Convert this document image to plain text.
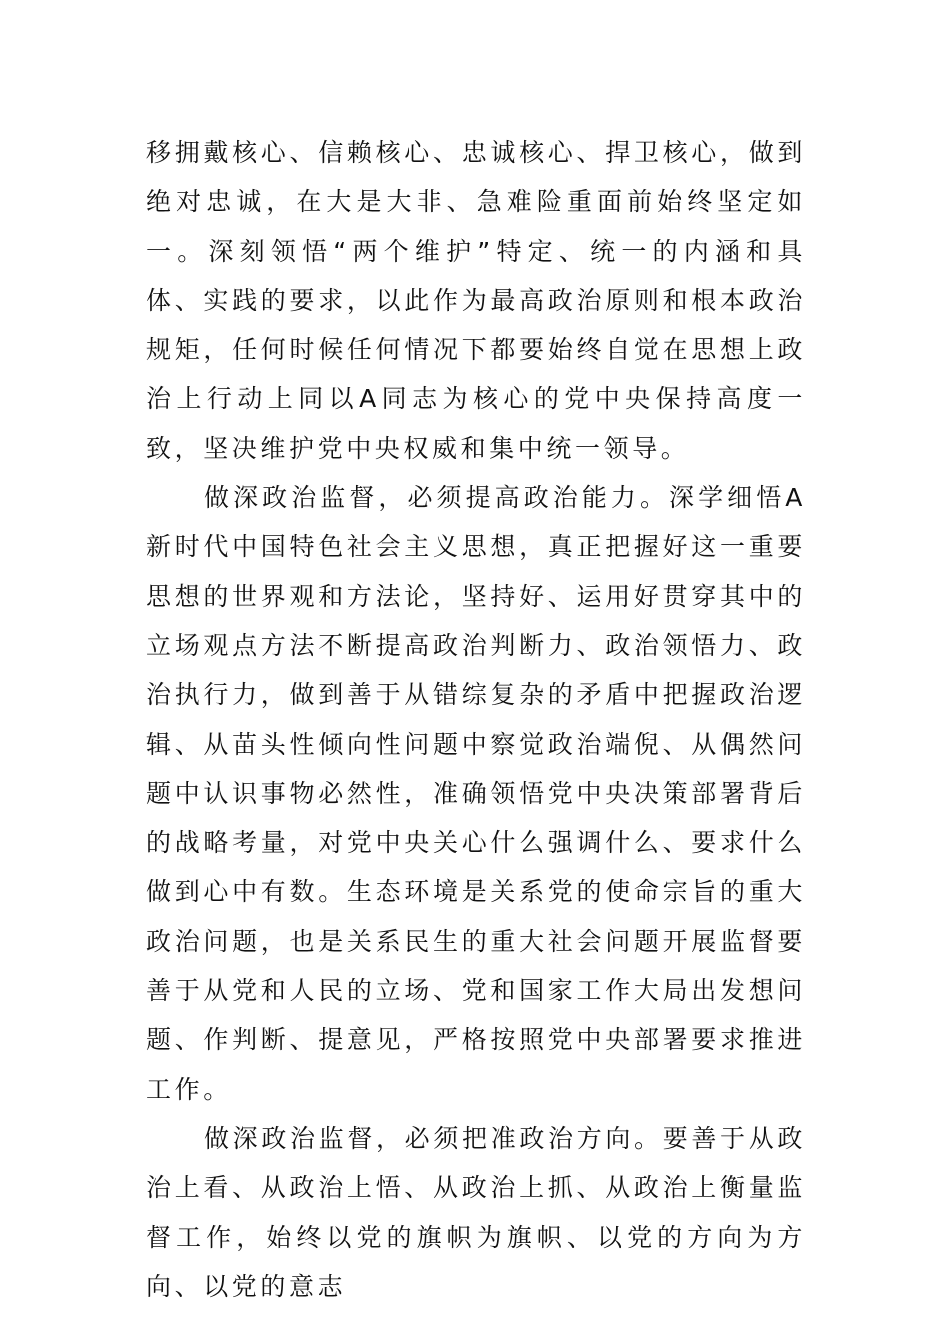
移拥戴核心、信赖核心、忠诚核心、捍卫核心，做到绝对忠诚，在大是大非、急难险重面前始终坚定如一。深刻领悟“两个维护”特定、统一的内涵和具体、实践的要求，以此作为最高政治原则和根本政治规矩，任何时候任何情况下都要始终自觉在思想上政治上行动上同以A同志为核心的党中央保持高度一致，坚决维护党中央权威和集中统一领导。

做深政治监督，必须提高政治能力。深学细悟A新时代中国特色社会主义思想，真正把握好这一重要思想的世界观和方法论，坚持好、运用好贯穿其中的立场观点方法不断提高政治判断力、政治领悟力、政治执行力，做到善于从错综复杂的矛盾中把握政治逻辑、从苗头性倾向性问题中察觉政治端倪、从偶然问题中认识事物必然性，准确领悟党中央决策部署背后的战略考量，对党中央关心什么强调什么、要求什么做到心中有数。生态环境是关系党的使命宗旨的重大政治问题，也是关系民生的重大社会问题开展监督要善于从党和人民的立场、党和国家工作大局出发想问题、作判断、提意见，严格按照党中央部署要求推进工作。

做深政治监督，必须把准政治方向。要善于从政治上看、从政治上悟、从政治上抓、从政治上衡量监督工作，始终以党的旗帜为旗帜、以党的方向为方向、以党的意志
